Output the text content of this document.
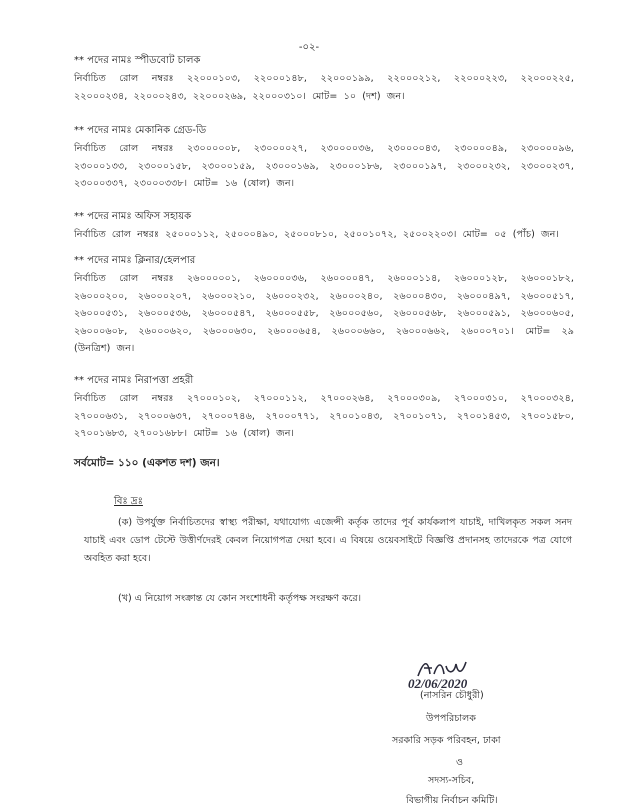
-০২-
** পদের নামঃ স্পীডবোট চালক
নির্বাচিত রোল নম্বরঃ ২২০০০১০৩, ২২০০০১৪৮, ২২০০০১৯৯, ২২০০০২১২, ২২০০০২২৩, ২২০০০২২৫, ২২০০০২৩৪, ২২০০০২৪৩, ২২০০০২৬৯, ২২০০০৩১০। মোট= ১০ (দশ) জন।
** পদের নামঃ মেকানিক গ্রেড-ডি
নির্বাচিত রোল নম্বরঃ ২৩০০০০০৮, ২৩০০০০২৭, ২৩০০০০৩৬, ২৩০০০০৪৩, ২৩০০০০৪৯, ২৩০০০০৯৬, ২৩০০০১৩৩, ২৩০০০১৫৮, ২৩০০০১৫৯, ২৩০০০১৬৯, ২৩০০০১৮৬, ২৩০০০১৯৭, ২৩০০০২৩২, ২৩০০০২৩৭, ২৩০০০৩৩৭, ২৩০০০৩৩৮। মোট= ১৬ (ষোল) জন।
** পদের নামঃ অফিস সহায়ক
নির্বাচিত রোল নম্বরঃ ২৫০০০১১২, ২৫০০০৪৯০, ২৫০০০৮১০, ২৫০০১০৭২, ২৫০০২২০৩। মোট= ০৫ (পাঁচ) জন।
** পদের নামঃ ক্লিনার/হেলপার
নির্বাচিত রোল নম্বরঃ ২৬০০০০০১, ২৬০০০০৩৬, ২৬০০০০৪৭, ২৬০০০১১৪, ২৬০০০১২৮, ২৬০০০১৮২, ২৬০০০২০০, ২৬০০০২০৭, ২৬০০০২১০, ২৬০০০২৩২, ২৬০০০২৪০, ২৬০০০৪৩০, ২৬০০০৪৯৭, ২৬০০০৫১৭, ২৬০০০৫৩১, ২৬০০০৫৩৬, ২৬০০০৫৪৭, ২৬০০০৫৫৮, ২৬০০০৫৬০, ২৬০০০৫৬৮, ২৬০০০৫৯১, ২৬০০০৬০৫, ২৬০০০৬০৮, ২৬০০০৬২০, ২৬০০০৬৩০, ২৬০০০৬৫৪, ২৬০০০৬৬০, ২৬০০০৬৬২, ২৬০০০৭০১। মোট= ২৯ (উনত্রিশ) জন।
** পদের নামঃ নিরাপত্তা প্রহরী
নির্বাচিত রোল নম্বরঃ ২৭০০০১০২, ২৭০০০১১২, ২৭০০০২৬৪, ২৭০০০৩০৯, ২৭০০০৩১০, ২৭০০০৩২৪, ২৭০০০৬৩১, ২৭০০০৬৩৭, ২৭০০০৭৪৬, ২৭০০০৭৭১, ২৭০০১০৪৩, ২৭০০১০৭১, ২৭০০১৪৫৩, ২৭০০১৫৮০, ২৭০০১৬৮৩, ২৭০০১৬৮৮। মোট= ১৬ (ষোল) জন।
সর্বমোট= ১১০ (একশত দশ) জন।
বিঃ দ্রঃ
(ক) উপর্যুক্ত নির্বাচিতদের স্বাস্থ্য পরীক্ষা, যথাযোগ্য এজেন্সী কর্তৃক তাদের পূর্ব কার্যকলাপ যাচাই, দাখিলকৃত সকল সনদ যাচাই এবং ডোপ টেস্টে উত্তীর্ণদেরই কেবল নিয়োগপত্র দেয়া হবে। এ বিষয়ে ওয়েবসাইটে বিজ্ঞপ্তি প্রদানসহ তাদেরকে পত্র যোগে অবহিত করা হবে।
(খ) এ নিয়োগ সংক্রান্ত যে কোন সংশোধনী কর্তৃপক্ষ সংরক্ষণ করে।
02/06/2020
(নাসরিন চৌধুরী)
উপপরিচালক
সরকারি সড়ক পরিবহন, ঢাকা
ও
সদস্য-সচিব,
বিভাগীয় নির্বাচন কমিটি।
